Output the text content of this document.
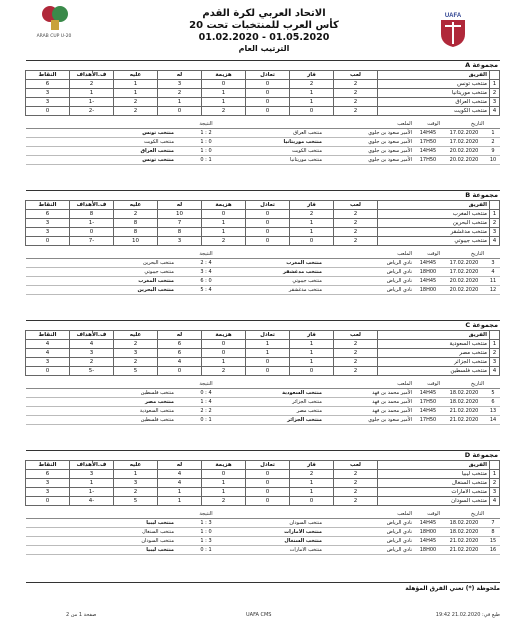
ARAB CUP U-20
الاتحاد العربي لكرة القدم
كأس العرب للمنتخبات تحت 20
01.02.2020 - 01.05.2020
الترتيب العام
UAFA
مجموعة A
	الفريق	لعب	فاز	تعادل	هزيمة	له	عليه	ف.الأهداف	النقاط
1	منتخب تونس	2	2	0	0	3	1	2	6
2	منتخب موريتانيا	2	1	0	1	2	1	1	3
3	منتخب العراق	2	1	0	1	1	2	-1	3
4	منتخب الكويت	2	0	0	2	0	2	-2	0
	التاريخ	الوقت	الملعب		النتيجة		
1	17.02.2020	14H45	الأمير سعود بن جلوي	منتخب العراق	2 : 1	منتخب تونس	
2	17.02.2020	17H50	الأمير سعود بن جلوي	منتخب موريتانيا	0 : 1	منتخب الكويت	
9	20.02.2020	14H45	الأمير سعود بن جلوي	منتخب الكويت	0 : 1	منتخب العراق	
10	20.02.2020	17H50	الأمير سعود بن جلوي	منتخب موريتانيا	1 : 0	منتخب تونس	
مجموعة B
	الفريق	لعب	فاز	تعادل	هزيمة	له	عليه	ف.الأهداف	النقاط
1	منتخب المغرب	2	2	0	0	10	2	8	6
2	منتخب البحرين	2	1	0	1	7	8	-1	3
3	منتخب مدغشقر	2	1	0	1	8	8	0	3
4	منتخب جيبوتي	2	0	0	2	3	10	-7	0
	التاريخ	الوقت	الملعب		النتيجة		
3	17.02.2020	14H45	نادي الرياض	منتخب المغرب	4 : 2	منتخب البحرين	
4	17.02.2020	18H00	نادي الرياض	منتخب مدغشقر	4 : 3	منتخب جيبوتي	
11	20.02.2020	14H45	نادي الرياض	منتخب جيبوتي	0 : 6	منتخب المغرب	
12	20.02.2020	18H00	نادي الرياض	منتخب مدغشقر	4 : 5	منتخب البحرين	
مجموعة C
	الفريق	لعب	فاز	تعادل	هزيمة	له	عليه	ف.الأهداف	النقاط
1	منتخب السعودية	2	1	1	0	6	2	4	4
2	منتخب مصر	2	1	1	0	6	3	3	4
3	منتخب الجزائر	2	1	0	1	4	2	2	3
4	منتخب فلسطين	2	0	0	2	0	5	-5	0
	التاريخ	الوقت	الملعب		النتيجة		
5	18.02.2020	14H45	الأمير محمد بن فهد	منتخب السعودية	4 : 0	منتخب فلسطين	
6	18.02.2020	17H50	الأمير محمد بن فهد	منتخب الجزائر	4 : 1	منتخب مصر	
13	21.02.2020	14H45	الأمير محمد بن فهد	منتخب مصر	2 : 2	منتخب السعودية	
14	21.02.2020	17H50	الأمير سعود بن جلوي	منتخب الجزائر	1 : 0	منتخب فلسطين	
مجموعة D
	الفريق	لعب	فاز	تعادل	هزيمة	له	عليه	ف.الأهداف	النقاط
1	منتخب ليبيا	2	2	0	0	4	1	3	6
2	منتخب السنغال	2	1	0	1	4	3	1	3
3	منتخب الامارات	2	1	0	1	1	2	-1	3
4	منتخب السودان	2	0	0	2	1	5	-4	0
	التاريخ	الوقت	الملعب		النتيجة		
7	18.02.2020	14H45	نادي الرياض	منتخب السودان	3 : 1	منتخب ليبيا	
8	18.02.2020	18H00	نادي الرياض	منتخب الامارات	0 : 1	منتخب السنغال	
15	21.02.2020	14H45	نادي الرياض	منتخب السنغال	3 : 1	منتخب السودان	
16	21.02.2020	18H00	نادي الرياض	منتخب الامارات	1 : 0	منتخب ليبيا	
ملحوظة (*) تعني الفرق المؤهلة
طبع في: 21.02.2020 19:42
UAFA CMS
صفحة 1 من 2
